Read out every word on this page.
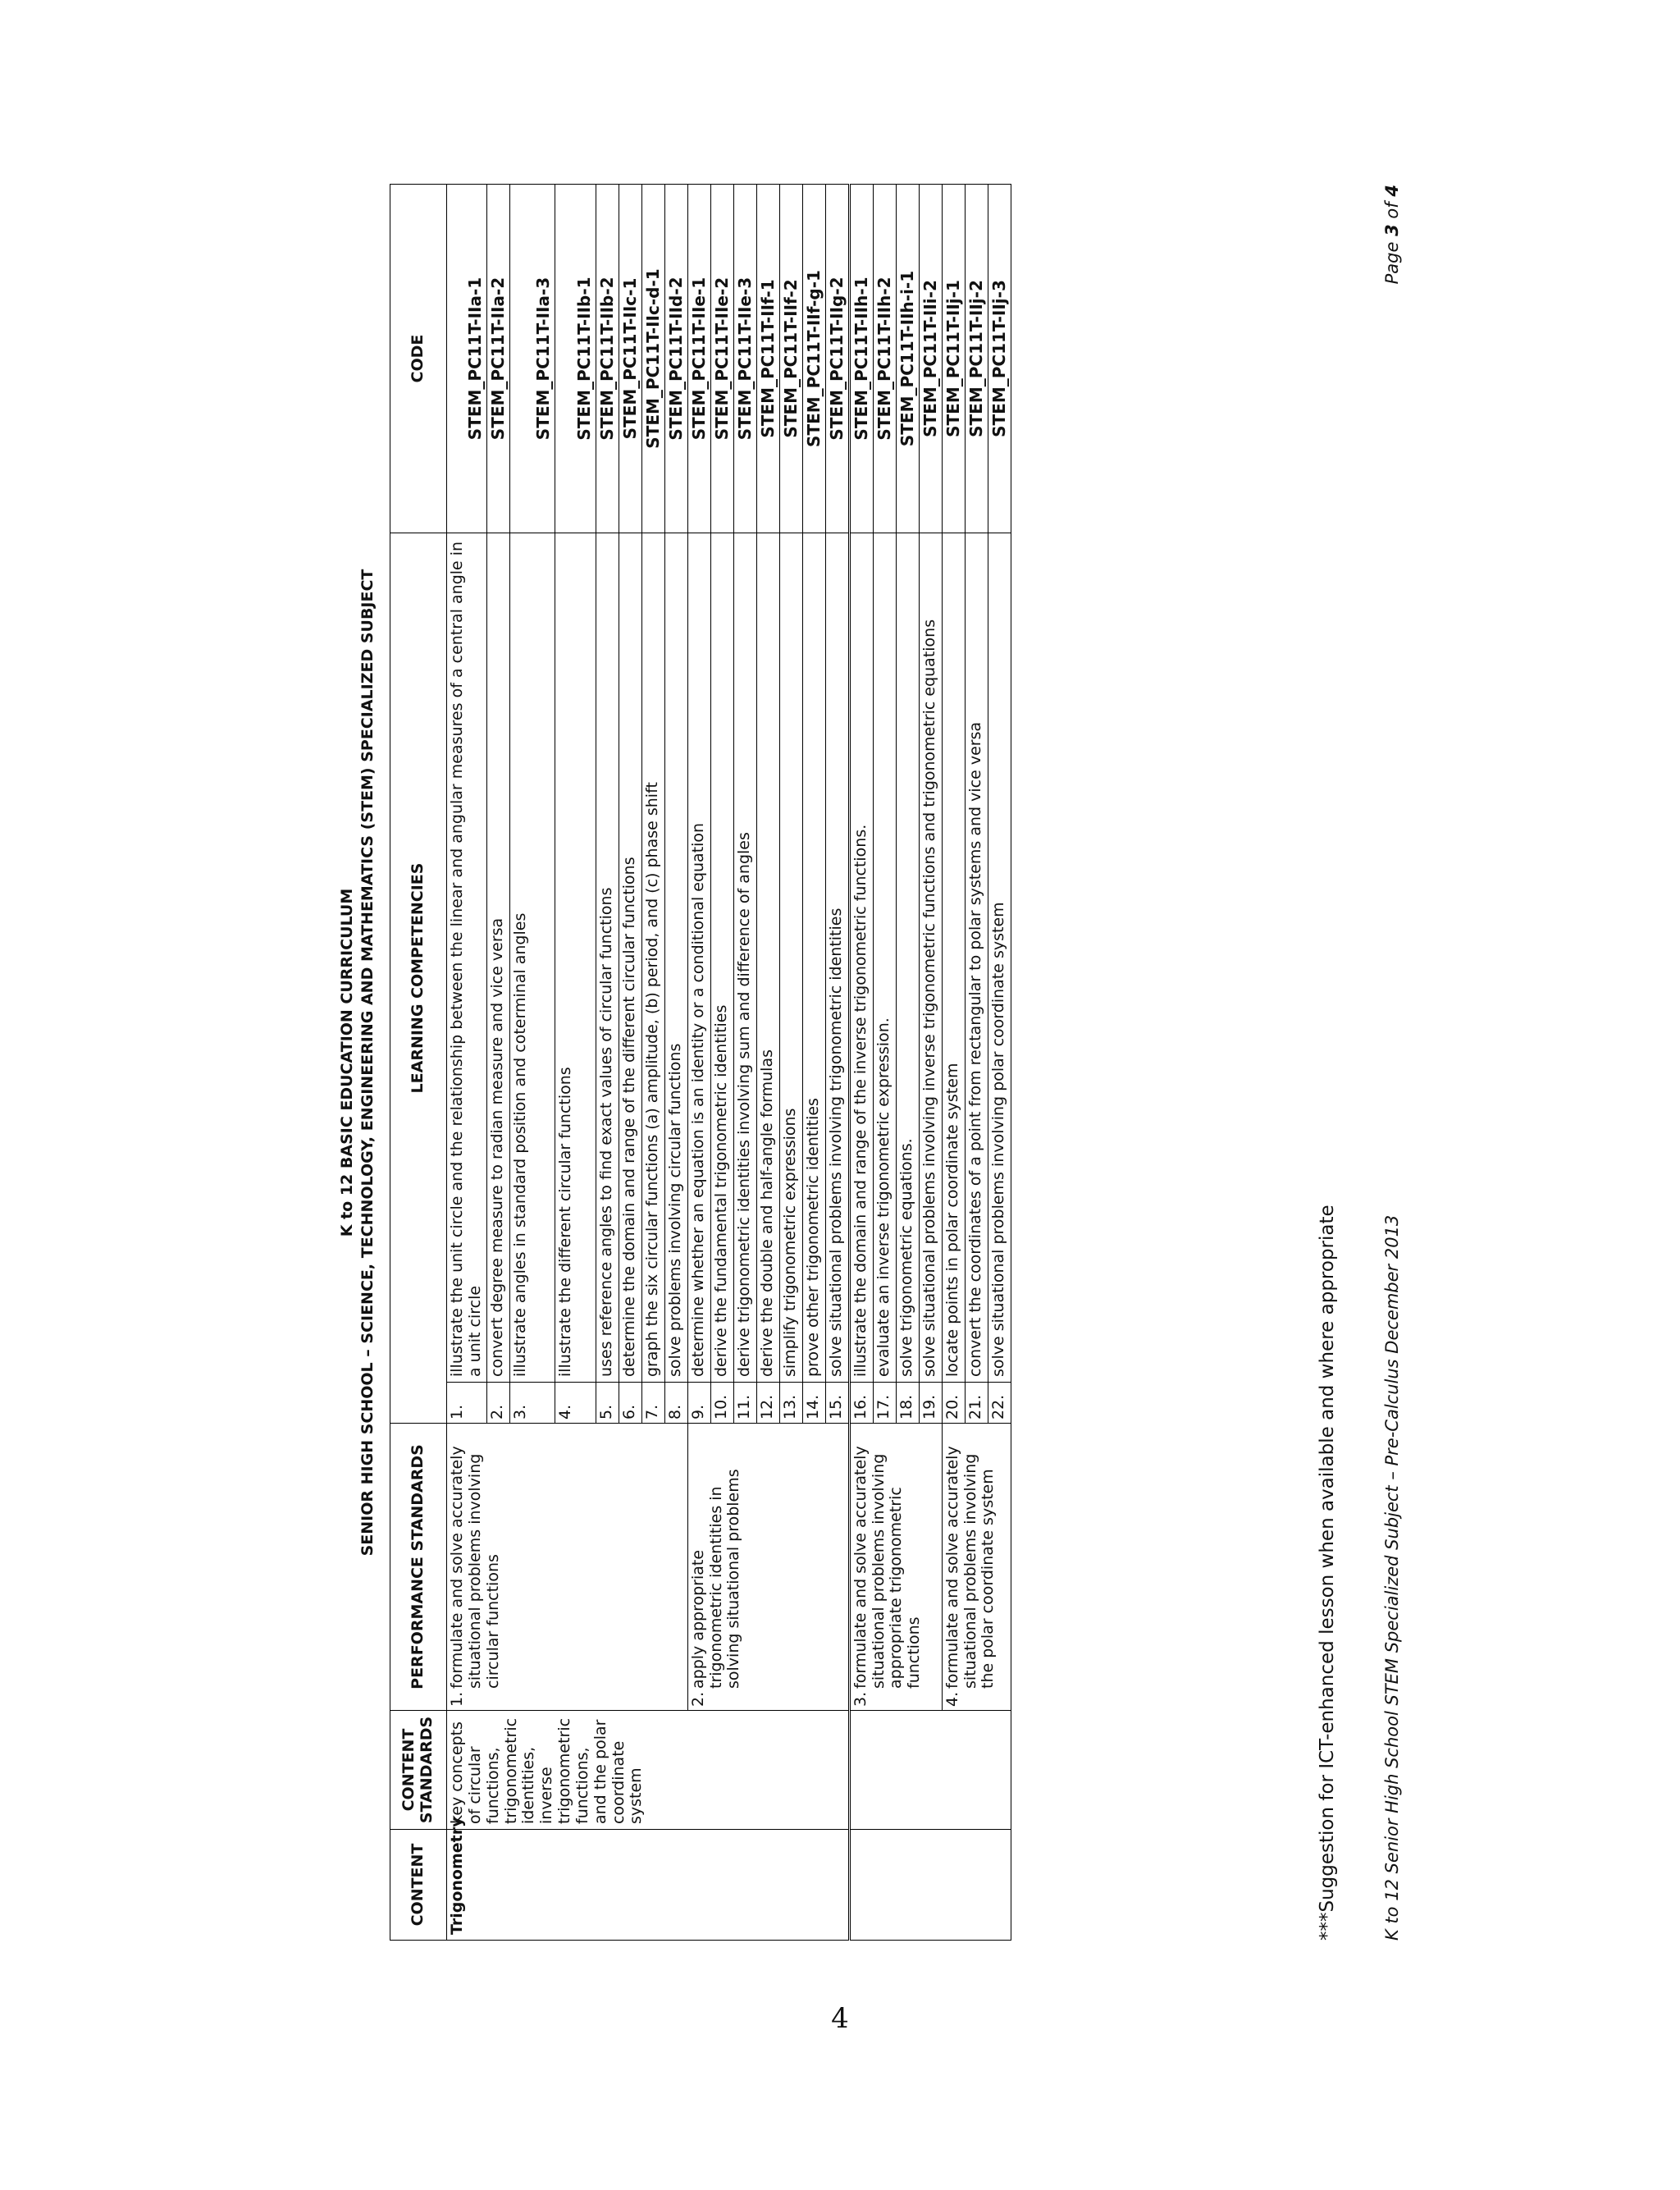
K to 12 BASIC EDUCATION CURRICULUM SENIOR HIGH SCHOOL – SCIENCE, TECHNOLOGY, ENGINEERING AND MATHEMATICS (STEM) SPECIALIZED SUBJECT
CONTENT	CONTENT STANDARDS	PERFORMANCE STANDARDS	LEARNING COMPETENCIES		CODE
Trigonometry	key concepts of circular functions, trigonometric identities, inverse trigonometric functions, and the polar coordinate system	1.formulate and solve accurately situational problems involving circular functions	1.	illustrate the unit circle and the relationship between the linear and angular measures of a central angle in a unit circle	STEM_PC11T-IIa-1
			2.	convert degree measure to radian measure and vice versa	STEM_PC11T-IIa-2
			3.	illustrate angles in standard position and coterminal angles	STEM_PC11T-IIa-3
			4.	illustrate the different circular functions	STEM_PC11T-IIb-1
			5.	uses reference angles to find exact values of circular functions	STEM_PC11T-IIb-2
			6.	determine the domain and range of the different circular functions	STEM_PC11T-IIc-1
			7.	graph the six circular functions (a) amplitude, (b) period, and (c) phase shift	STEM_PC11T-IIc-d-1
			8.	solve problems involving circular functions	STEM_PC11T-IId-2
		2.apply appropriate trigonometric identities in solving situational problems	9.	determine whether an equation is an identity or a conditional equation	STEM_PC11T-IIe-1
			10.	derive the fundamental trigonometric identities	STEM_PC11T-IIe-2
			11.	derive trigonometric identities involving sum and difference of angles	STEM_PC11T-IIe-3
			12.	derive the double and half-angle formulas	STEM_PC11T-IIf-1
			13.	simplify trigonometric expressions	STEM_PC11T-IIf-2
			14.	prove other trigonometric identities	STEM_PC11T-IIf-g-1
			15.	solve situational problems involving trigonometric identities	STEM_PC11T-IIg-2
		3.formulate and solve accurately situational problems involving appropriate trigonometric functions	16.	illustrate the domain and range of the inverse trigonometric functions.	STEM_PC11T-IIh-1
			17.	evaluate an inverse trigonometric expression.	STEM_PC11T-IIh-2
			18.	solve trigonometric equations.	STEM_PC11T-IIh-i-1
			19.	solve situational problems involving inverse trigonometric functions and trigonometric equations	STEM_PC11T-IIi-2
		4.formulate and solve accurately situational problems involving the polar coordinate system	20.	locate points in polar coordinate system	STEM_PC11T-IIj-1
			21.	convert the coordinates of a point from rectangular to polar systems and vice versa	STEM_PC11T-IIj-2
			22.	solve situational problems involving polar coordinate system	STEM_PC11T-IIj-3
***Suggestion for ICT-enhanced lesson when available and where appropriate	K to 12 Senior High School STEM Specialized Subject – Pre-Calculus December 2013
Page 3 of 4
4
